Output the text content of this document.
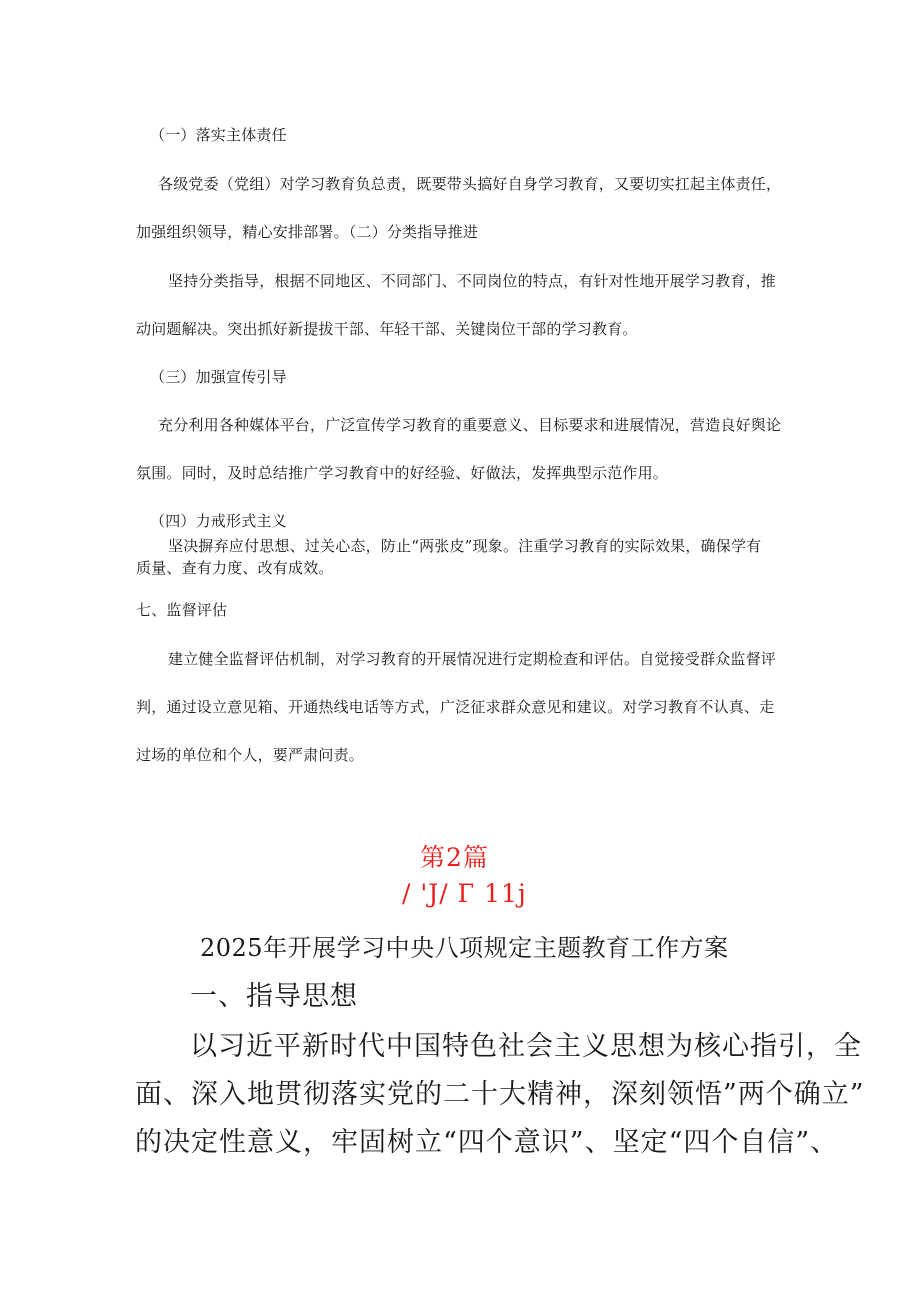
（一）落实主体责任

各级党委（党组）对学习教育负总责，既要带头搞好自身学习教育，又要切实扛起主体责任，

加强组织领导，精心安排部署。（二）分类指导推进

坚持分类指导，根据不同地区、不同部门、不同岗位的特点，有针对性地开展学习教育，推

动问题解决。突出抓好新提拔干部、年轻干部、关键岗位干部的学习教育。

（三）加强宣传引导

充分利用各种媒体平台，广泛宣传学习教育的重要意义、目标要求和进展情况，营造良好舆论

氛围。同时，及时总结推广学习教育中的好经验、好做法，发挥典型示范作用。

（四）力戒形式主义

坚决摒弃应付思想、过关心态，防止“两张皮”现象。注重学习教育的实际效果，确保学有

质量、查有力度、改有成效。

七、监督评估

建立健全监督评估机制，对学习教育的开展情况进行定期检查和评估。自觉接受群众监督评

判，通过设立意见箱、开通热线电话等方式，广泛征求群众意见和建议。对学习教育不认真、走

过场的单位和个人，要严肃问责。

第2篇

/ 'J/ Г 11j

2025年开展学习中央八项规定主题教育工作方案

一、指导思想

以习近平新时代中国特色社会主义思想为核心指引，全

面、深入地贯彻落实党的二十大精神，深刻领悟”两个确立”

的决定性意义，牢固树立“四个意识”、坚定“四个自信”、
